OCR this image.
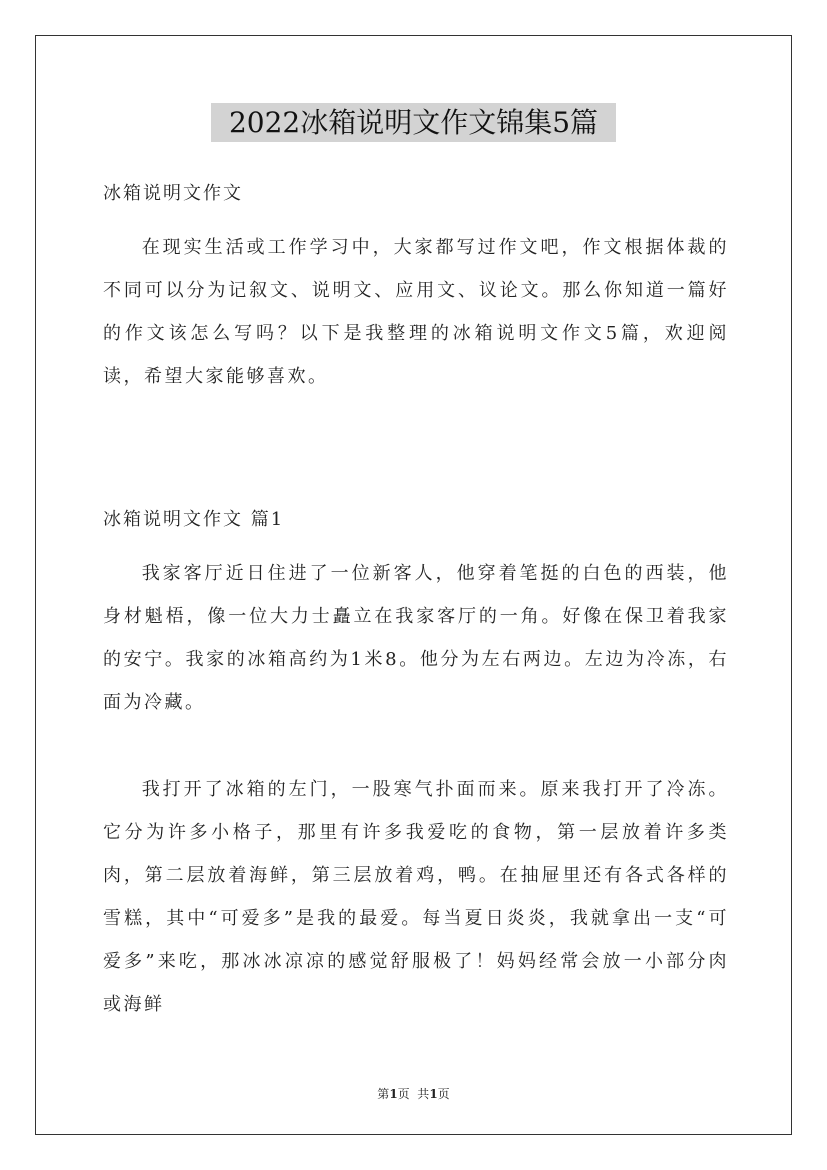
2022冰箱说明文作文锦集5篇

冰箱说明文作文

在现实生活或工作学习中，大家都写过作文吧，作文根据体裁的不同可以分为记叙文、说明文、应用文、议论文。那么你知道一篇好的作文该怎么写吗？以下是我整理的冰箱说明文作文5篇，欢迎阅读，希望大家能够喜欢。

冰箱说明文作文 篇1

我家客厅近日住进了一位新客人，他穿着笔挺的白色的西装，他身材魁梧，像一位大力士矗立在我家客厅的一角。好像在保卫着我家的安宁。我家的冰箱高约为1米8。他分为左右两边。左边为冷冻，右面为冷藏。

我打开了冰箱的左门，一股寒气扑面而来。原来我打开了冷冻。它分为许多小格子，那里有许多我爱吃的食物，第一层放着许多类肉，第二层放着海鲜，第三层放着鸡，鸭。在抽屉里还有各式各样的雪糕，其中“可爱多”是我的最爱。每当夏日炎炎，我就拿出一支“可爱多”来吃，那冰冰凉凉的感觉舒服极了！妈妈经常会放一小部分肉或海鲜

第1页  共1页
